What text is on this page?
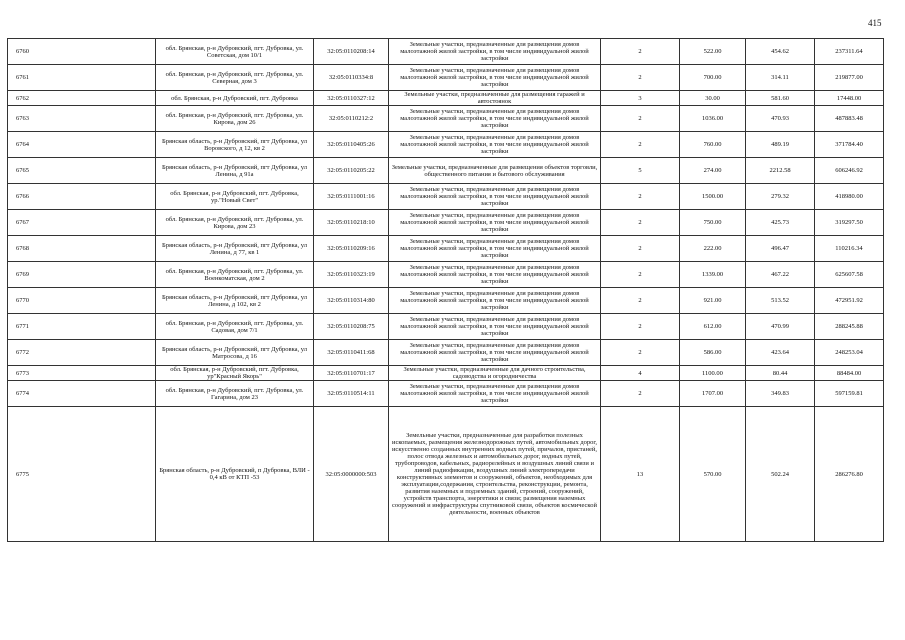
415
6760	обл. Брянская, р-н Дубровский, пгт. Дубровка, ул. Советская, дом 10/1	32:05:0110208:14	Земельные участки, предназначенные для размещения домов малоэтажной жилой застройки, в том числе индивидуальной жилой застройки	2	522.00	454.62	237311.64
6761	обл. Брянская, р-н Дубровский, пгт. Дубровка, ул. Северная, дом 3	32:05:0110334:8	Земельные участки, предназначенные для размещения домов малоэтажной жилой застройки, в том числе индивидуальной жилой застройки	2	700.00	314.11	219877.00
6762	обл. Брянская, р-н Дубровский, пгт. Дубровка	32:05:0110327:12	Земельные участки, предназначенные для размещения гаражей и автостоянок	3	30.00	581.60	17448.00
6763	обл. Брянская, р-н Дубровский, пгт. Дубровка, ул. Кирова, дом 26	32:05:0110212:2	Земельные участки, предназначенные для размещения домов малоэтажной жилой застройки, в том числе индивидуальной жилой застройки	2	1036.00	470.93	487883.48
6764	Брянская область, р-н Дубровский, пгт Дубровка, ул Воровского, д 12, кв 2	32:05:0110405:26	Земельные участки, предназначенные для размещения домов малоэтажной жилой застройки, в том числе индивидуальной жилой застройки	2	760.00	489.19	371784.40
6765	Брянская область, р-н Дубровский, пгт Дубровка, ул Ленина, д 91а	32:05:0110205:22	Земельные участки, предназначенные для размещения объектов торговли, общественного питания и бытового обслуживания	5	274.00	2212.58	606246.92
6766	обл. Брянская, р-н Дубровский, пгт. Дубровка, ур."Новый Свет"	32:05:0111001:16	Земельные участки, предназначенные для размещения домов малоэтажной жилой застройки, в том числе индивидуальной жилой застройки	2	1500.00	279.32	418980.00
6767	обл. Брянская, р-н Дубровский, пгт. Дубровка, ул. Кирова, дом 23	32:05:0110218:10	Земельные участки, предназначенные для размещения домов малоэтажной жилой застройки, в том числе индивидуальной жилой застройки	2	750.00	425.73	319297.50
6768	Брянская область, р-н Дубровский, пгт Дубровка, ул Ленина, д 77, кв 1	32:05:0110209:16	Земельные участки, предназначенные для размещения домов малоэтажной жилой застройки, в том числе индивидуальной жилой застройки	2	222.00	496.47	110216.34
6769	обл. Брянская, р-н Дубровский, пгт. Дубровка, ул. Военкоматская, дом 2	32:05:0110323:19	Земельные участки, предназначенные для размещения домов малоэтажной жилой застройки, в том числе индивидуальной жилой застройки	2	1339.00	467.22	625607.58
6770	Брянская область, р-н Дубровский, пгт Дубровка, ул Ленина, д 102, кв 2	32:05:0110314:80	Земельные участки, предназначенные для размещения домов малоэтажной жилой застройки, в том числе индивидуальной жилой застройки	2	921.00	513.52	472951.92
6771	обл. Брянская, р-н Дубровский, пгт. Дубровка, ул. Садовая, дом 7/1	32:05:0110208:75	Земельные участки, предназначенные для размещения домов малоэтажной жилой застройки, в том числе индивидуальной жилой застройки	2	612.00	470.99	288245.88
6772	Брянская область, р-н Дубровский, пгт Дубровка, ул Матросова, д 16	32:05:0110411:68	Земельные участки, предназначенные для размещения домов малоэтажной жилой застройки, в том числе индивидуальной жилой застройки	2	586.00	423.64	248253.04
6773	обл. Брянская, р-н Дубровский, пгт. Дубровка, ур"Красный Якорь"	32:05:0110701:17	Земельные участки, предназначенные для дачного строительства, садоводства и огородничества	4	1100.00	80.44	88484.00
6774	обл. Брянская, р-н Дубровский, пгт. Дубровка, ул. Гагарина, дом 23	32:05:0110514:11	Земельные участки, предназначенные для размещения домов малоэтажной жилой застройки, в том числе индивидуальной жилой застройки	2	1707.00	349.83	597159.81
6775	Брянская область, р-н Дубровский, п Дубровка, ВЛИ - 0,4 кВ от КТП -53	32:05:0000000:503	Земельные участки, предназначенные для разработки полезных ископаемых, размещения железнодорожных путей, автомобильных дорог, искусственно созданных внутренних водных путей, причалов, пристаней, полос отвода железных и автомобильных дорог, водных путей, трубопроводов, кабельных, радиорелейных и воздушных линий связи и линий радиофикации, воздушных линий электропередачи конструктивных элементов и сооружений, объектов, необходимых для эксплуатации,содержания, строительства, реконструкции, ремонта, развития наземных и подземных зданий, строений, сооружений, устройств транспорта, энергетики и связи; размещения наземных сооружений и инфраструктуры спутниковой связи, объектов космической деятельности, военных объектов	13	570.00	502.24	286276.80
